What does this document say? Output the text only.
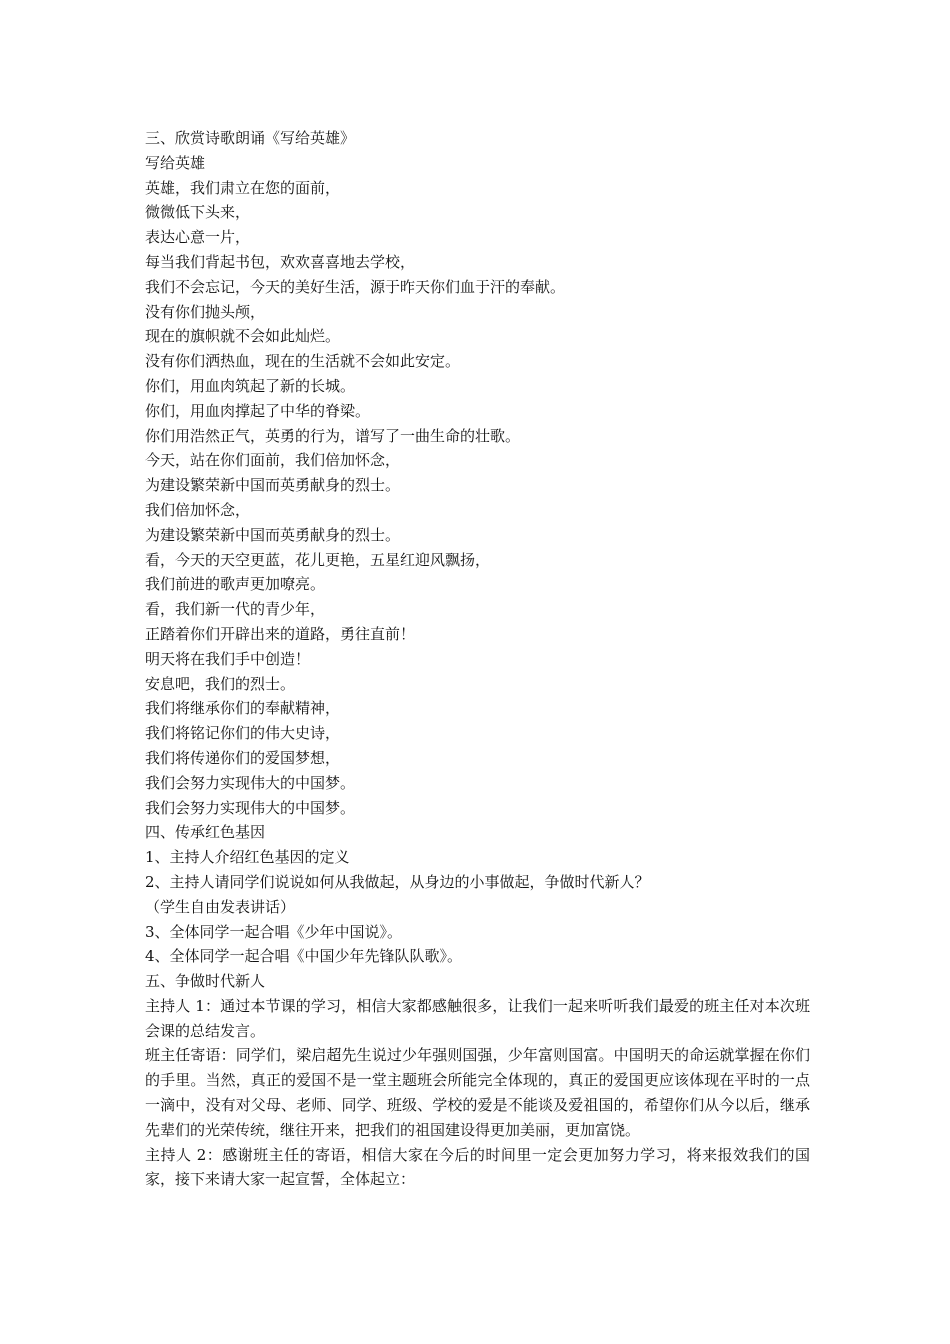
三、欣赏诗歌朗诵《写给英雄》
写给英雄
英雄，我们肃立在您的面前，
微微低下头来，
表达心意一片，
每当我们背起书包，欢欢喜喜地去学校，
我们不会忘记，今天的美好生活，源于昨天你们血于汗的奉献。
没有你们抛头颅，
现在的旗帜就不会如此灿烂。
没有你们洒热血，现在的生活就不会如此安定。
你们，用血肉筑起了新的长城。
你们，用血肉撑起了中华的脊梁。
你们用浩然正气，英勇的行为，谱写了一曲生命的壮歌。
今天，站在你们面前，我们倍加怀念，
为建设繁荣新中国而英勇献身的烈士。
我们倍加怀念，
为建设繁荣新中国而英勇献身的烈士。
看，今天的天空更蓝，花儿更艳，五星红迎风飘扬，
我们前进的歌声更加嘹亮。
看，我们新一代的青少年，
正踏着你们开辟出来的道路，勇往直前！
明天将在我们手中创造！
安息吧，我们的烈士。
我们将继承你们的奉献精神，
我们将铭记你们的伟大史诗，
我们将传递你们的爱国梦想，
我们会努力实现伟大的中国梦。
我们会努力实现伟大的中国梦。
四、传承红色基因
1、主持人介绍红色基因的定义
2、主持人请同学们说说如何从我做起，从身边的小事做起，争做时代新人？
（学生自由发表讲话）
3、全体同学一起合唱《少年中国说》。
4、全体同学一起合唱《中国少年先锋队队歌》。
五、争做时代新人
主持人 1：通过本节课的学习，相信大家都感触很多，让我们一起来听听我们最爱的班主任对本次班会课的总结发言。
班主任寄语：同学们，梁启超先生说过少年强则国强，少年富则国富。中国明天的命运就掌握在你们的手里。当然，真正的爱国不是一堂主题班会所能完全体现的，真正的爱国更应该体现在平时的一点一滴中，没有对父母、老师、同学、班级、学校的爱是不能谈及爱祖国的，希望你们从今以后，继承先辈们的光荣传统，继往开来，把我们的祖国建设得更加美丽，更加富饶。
主持人 2：感谢班主任的寄语，相信大家在今后的时间里一定会更加努力学习，将来报效我们的国家，接下来请大家一起宣誓，全体起立：
